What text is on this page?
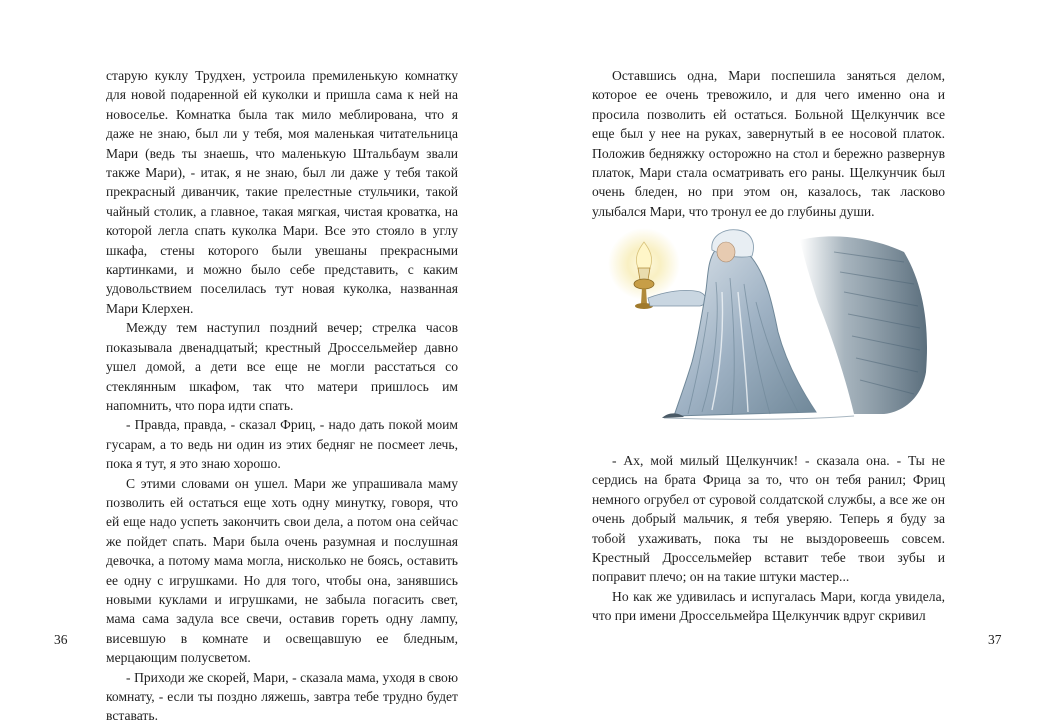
старую куклу Трудхен, устроила премиленькую комнатку для новой подаренной ей куколки и пришла сама к ней на новоселье. Комнатка была так мило меблирована, что я даже не знаю, был ли у тебя, моя маленькая читательница Мари (ведь ты знаешь, что маленькую Штальбаум звали также Мари), - итак, я не знаю, был ли даже у тебя такой прекрасный диванчик, такие прелестные стульчики, такой чайный столик, а главное, такая мягкая, чистая кроватка, на которой легла спать куколка Мари. Все это стояло в углу шкафа, стены которого были увешаны прекрасными картинками, и можно было себе представить, с каким удовольствием поселилась тут новая куколка, названная Мари Клерхен.

Между тем наступил поздний вечер; стрелка часов показывала двенадцатый; крестный Дроссельмейер давно ушел домой, а дети все еще не могли расстаться со стеклянным шкафом, так что матери пришлось им напомнить, что пора идти спать.

- Правда, правда, - сказал Фриц, - надо дать покой моим гусарам, а то ведь ни один из этих бедняг не посмеет лечь, пока я тут, я это знаю хорошо.

С этими словами он ушел. Мари же упрашивала маму позволить ей остаться еще хоть одну минутку, говоря, что ей еще надо успеть закончить свои дела, а потом она сейчас же пойдет спать. Мари была очень разумная и послушная девочка, а потому мама могла, нисколько не боясь, оставить ее одну с игрушками. Но для того, чтобы она, занявшись новыми куклами и игрушками, не забыла погасить свет, мама сама задула все свечи, оставив гореть одну лампу, висевшую в комнате и освещавшую ее бледным, мерцающим полусветом.

- Приходи же скорей, Мари, - сказала мама, уходя в свою комнату, - если ты поздно ляжешь, завтра тебе трудно будет вставать.

36

Оставшись одна, Мари поспешила заняться делом, которое ее очень тревожило, и для чего именно она и просила позволить ей остаться. Больной Щелкунчик все еще был у нее на руках, завернутый в ее носовой платок. Положив бедняжку осторожно на стол и бережно развернув платок, Мари стала осматривать его раны. Щелкунчик был очень бледен, но при этом он, казалось, так ласково улыбался Мари, что тронул ее до глубины души.

- Ах, мой милый Щелкунчик! - сказала она. - Ты не сердись на брата Фрица за то, что он тебя ранил; Фриц немного огрубел от суровой солдатской службы, а все же он очень добрый мальчик, я тебя уверяю. Теперь я буду за тобой ухаживать, пока ты не выздоровеешь совсем. Крестный Дроссельмейер вставит тебе твои зубы и поправит плечо; он на такие штуки мастер...

Но как же удивилась и испугалась Мари, когда увидела, что при имени Дроссельмейра Щелкунчик вдруг скривил

37
